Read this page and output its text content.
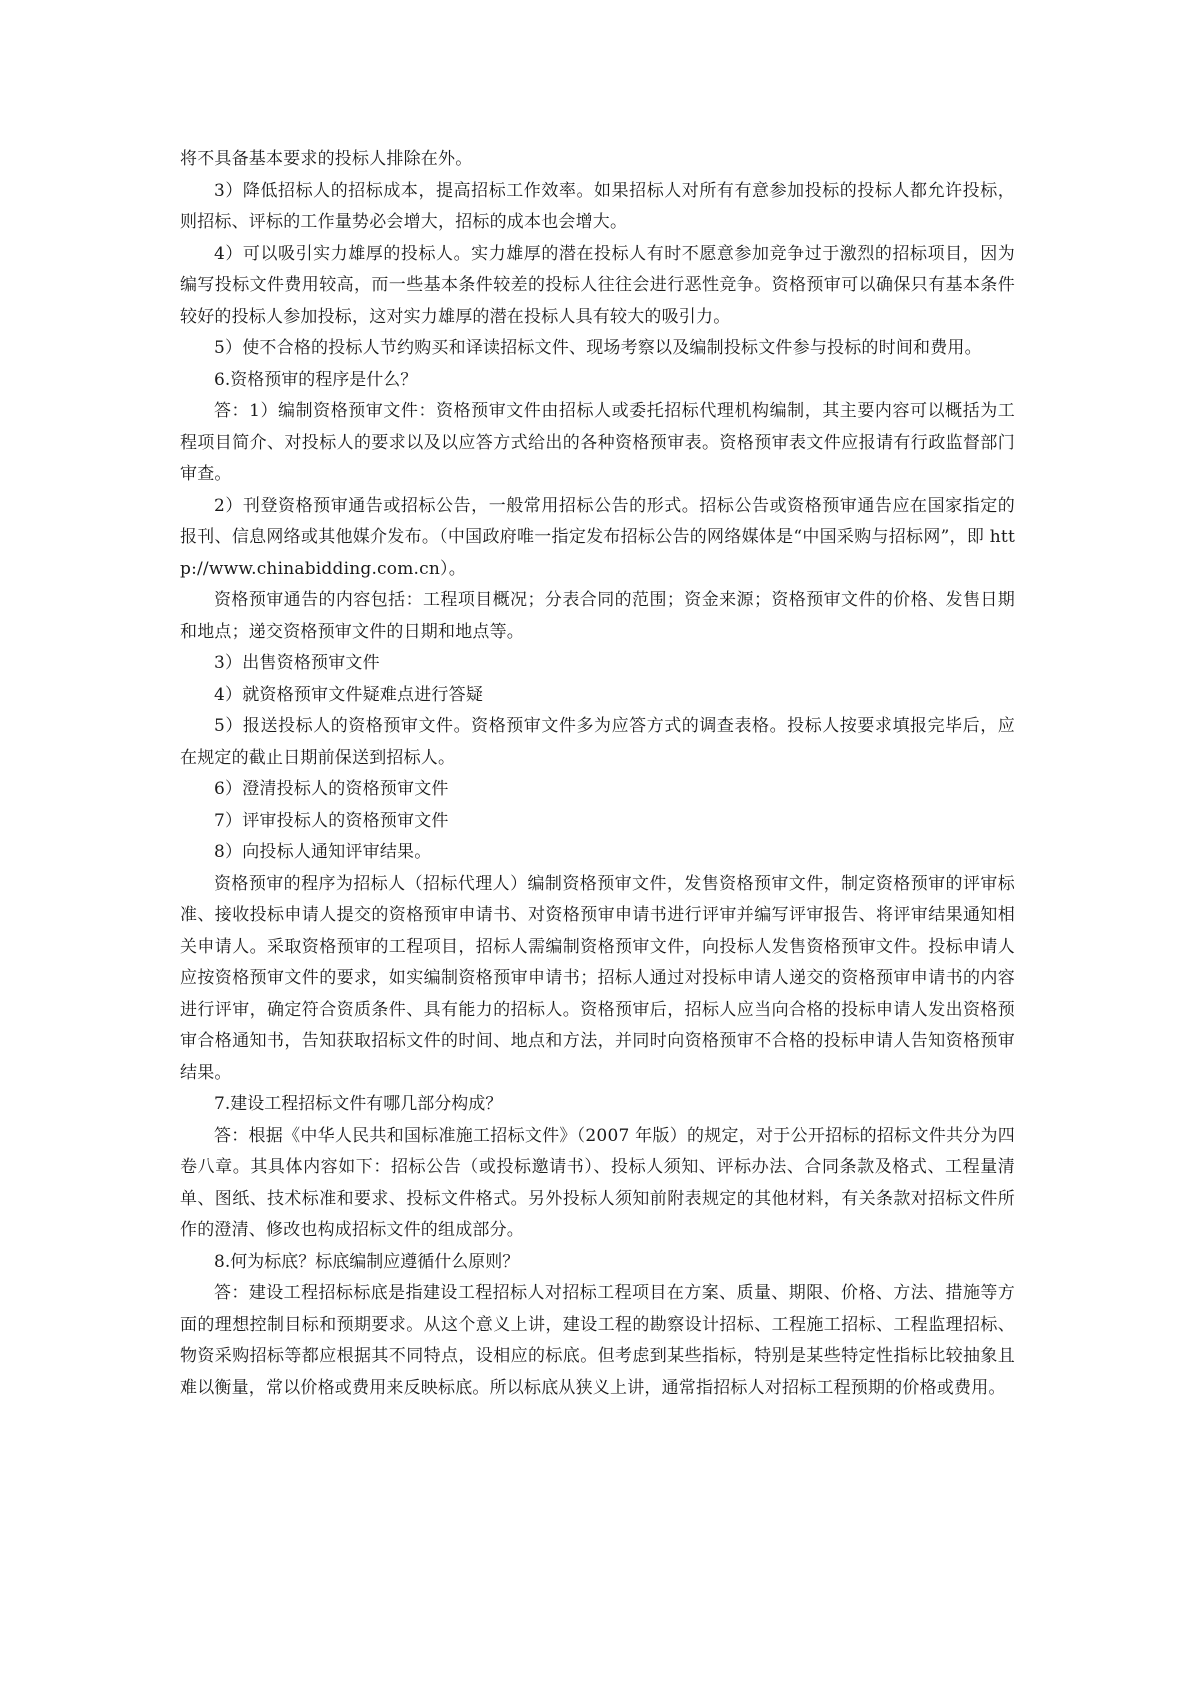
将不具备基本要求的投标人排除在外。

3）降低招标人的招标成本，提高招标工作效率。如果招标人对所有有意参加投标的投标人都允许投标，则招标、评标的工作量势必会增大，招标的成本也会增大。

4）可以吸引实力雄厚的投标人。实力雄厚的潜在投标人有时不愿意参加竞争过于激烈的招标项目，因为编写投标文件费用较高，而一些基本条件较差的投标人往往会进行恶性竞争。资格预审可以确保只有基本条件较好的投标人参加投标，这对实力雄厚的潜在投标人具有较大的吸引力。

5）使不合格的投标人节约购买和译读招标文件、现场考察以及编制投标文件参与投标的时间和费用。

6.资格预审的程序是什么？

答：1）编制资格预审文件：资格预审文件由招标人或委托招标代理机构编制，其主要内容可以概括为工程项目简介、对投标人的要求以及以应答方式给出的各种资格预审表。资格预审表文件应报请有行政监督部门审查。

2）刊登资格预审通告或招标公告，一般常用招标公告的形式。招标公告或资格预审通告应在国家指定的报刊、信息网络或其他媒介发布。（中国政府唯一指定发布招标公告的网络媒体是“中国采购与招标网”，即 http://www.chinabidding.com.cn）。

资格预审通告的内容包括：工程项目概况；分表合同的范围；资金来源；资格预审文件的价格、发售日期和地点；递交资格预审文件的日期和地点等。

3）出售资格预审文件

4）就资格预审文件疑难点进行答疑

5）报送投标人的资格预审文件。资格预审文件多为应答方式的调查表格。投标人按要求填报完毕后，应在规定的截止日期前保送到招标人。

6）澄清投标人的资格预审文件

7）评审投标人的资格预审文件

8）向投标人通知评审结果。

资格预审的程序为招标人（招标代理人）编制资格预审文件，发售资格预审文件，制定资格预审的评审标准、接收投标申请人提交的资格预审申请书、对资格预审申请书进行评审并编写评审报告、将评审结果通知相关申请人。采取资格预审的工程项目，招标人需编制资格预审文件，向投标人发售资格预审文件。投标申请人应按资格预审文件的要求，如实编制资格预审申请书；招标人通过对投标申请人递交的资格预审申请书的内容进行评审，确定符合资质条件、具有能力的招标人。资格预审后，招标人应当向合格的投标申请人发出资格预审合格通知书，告知获取招标文件的时间、地点和方法，并同时向资格预审不合格的投标申请人告知资格预审结果。

7.建设工程招标文件有哪几部分构成？

答：根据《中华人民共和国标准施工招标文件》（2007 年版）的规定，对于公开招标的招标文件共分为四卷八章。其具体内容如下：招标公告（或投标邀请书）、投标人须知、评标办法、合同条款及格式、工程量清单、图纸、技术标准和要求、投标文件格式。另外投标人须知前附表规定的其他材料，有关条款对招标文件所作的澄清、修改也构成招标文件的组成部分。

8.何为标底？标底编制应遵循什么原则？

答：建设工程招标标底是指建设工程招标人对招标工程项目在方案、质量、期限、价格、方法、措施等方面的理想控制目标和预期要求。从这个意义上讲，建设工程的勘察设计招标、工程施工招标、工程监理招标、物资采购招标等都应根据其不同特点，设相应的标底。但考虑到某些指标，特别是某些特定性指标比较抽象且难以衡量，常以价格或费用来反映标底。所以标底从狭义上讲，通常指招标人对招标工程预期的价格或费用。
